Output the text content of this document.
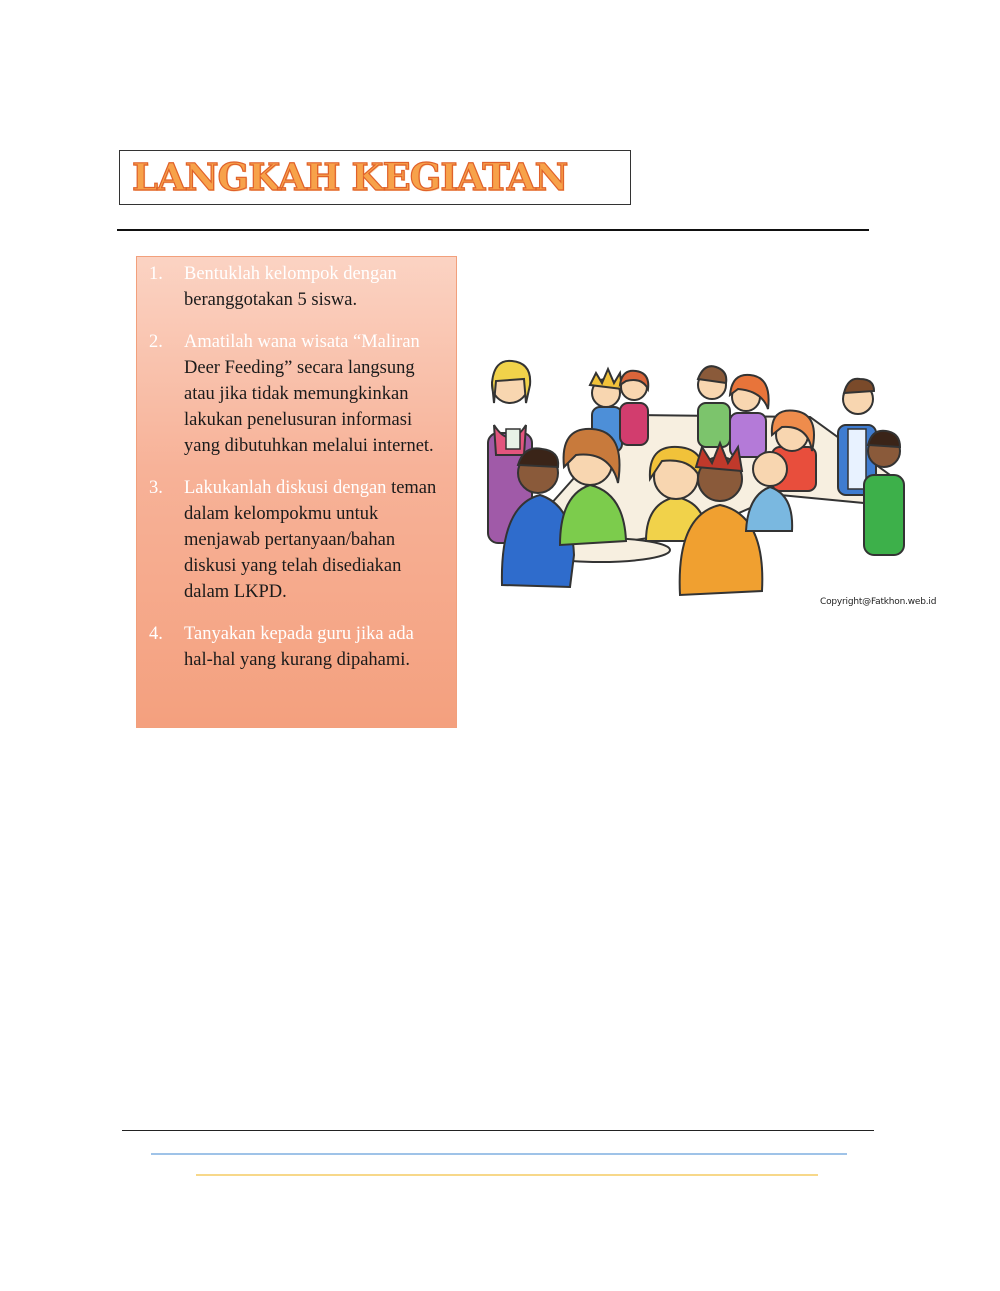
LANGKAH KEGIATAN
1. Bentuklah kelompok dengan beranggotakan 5 siswa.
2. Amatilah wana wisata “Maliran Deer Feeding” secara langsung atau jika tidak memungkinkan lakukan penelusuran informasi yang dibutuhkan melalui internet.
3. Lakukanlah diskusi dengan teman dalam kelompokmu untuk menjawab pertanyaan/bahan diskusi yang telah disediakan dalam LKPD.
4. Tanyakan kepada guru jika ada hal-hal yang kurang dipahami.
Copyright@Fatkhon.web.id
